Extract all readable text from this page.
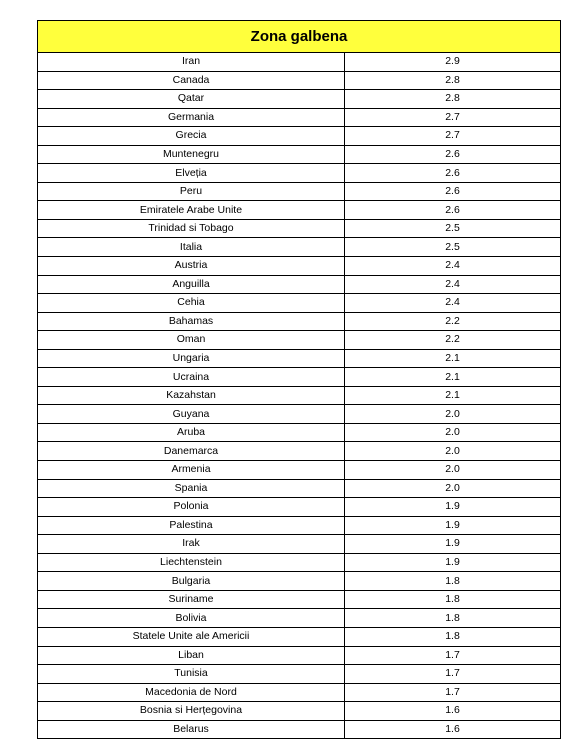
Zona galbena	
Iran	2.9
Canada	2.8
Qatar	2.8
Germania	2.7
Grecia	2.7
Muntenegru	2.6
Elveția	2.6
Peru	2.6
Emiratele Arabe Unite	2.6
Trinidad si Tobago	2.5
Italia	2.5
Austria	2.4
Anguilla	2.4
Cehia	2.4
Bahamas	2.2
Oman	2.2
Ungaria	2.1
Ucraina	2.1
Kazahstan	2.1
Guyana	2.0
Aruba	2.0
Danemarca	2.0
Armenia	2.0
Spania	2.0
Polonia	1.9
Palestina	1.9
Irak	1.9
Liechtenstein	1.9
Bulgaria	1.8
Suriname	1.8
Bolivia	1.8
Statele Unite ale Americii	1.8
Liban	1.7
Tunisia	1.7
Macedonia de Nord	1.7
Bosnia si Herțegovina	1.6
Belarus	1.6
